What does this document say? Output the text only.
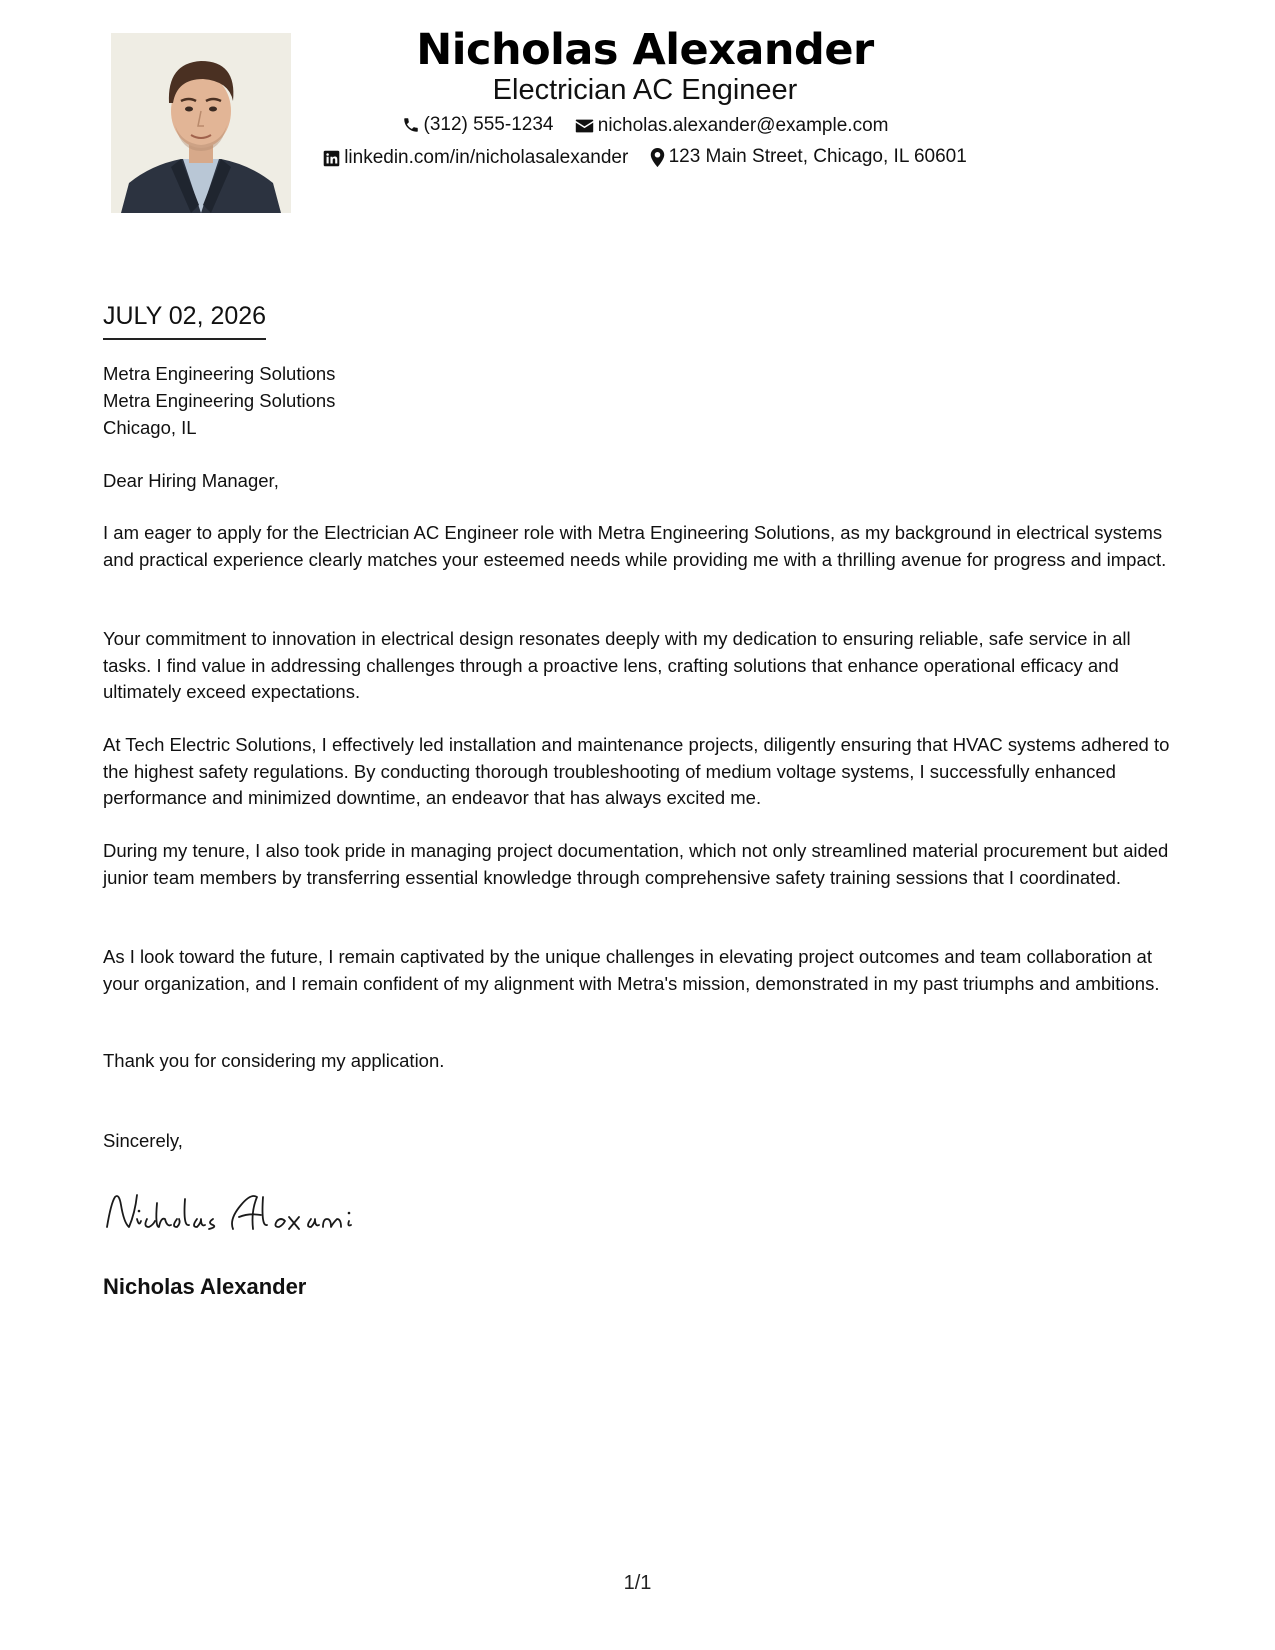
Nicholas Alexander
Electrician AC Engineer
(312) 555-1234
nicholas.alexander@example.com
linkedin.com/in/nicholasalexander
123 Main Street, Chicago, IL 60601
JULY 02, 2026
Metra Engineering Solutions
Metra Engineering Solutions
Chicago, IL
Dear Hiring Manager,
I am eager to apply for the Electrician AC Engineer role with Metra Engineering Solutions, as my background in electrical systems and practical experience clearly matches your esteemed needs while providing me with a thrilling avenue for progress and impact.
Your commitment to innovation in electrical design resonates deeply with my dedication to ensuring reliable, safe service in all tasks. I find value in addressing challenges through a proactive lens, crafting solutions that enhance operational efficacy and ultimately exceed expectations.
At Tech Electric Solutions, I effectively led installation and maintenance projects, diligently ensuring that HVAC systems adhered to the highest safety regulations. By conducting thorough troubleshooting of medium voltage systems, I successfully enhanced performance and minimized downtime, an endeavor that has always excited me.
During my tenure, I also took pride in managing project documentation, which not only streamlined material procurement but aided junior team members by transferring essential knowledge through comprehensive safety training sessions that I coordinated.
As I look toward the future, I remain captivated by the unique challenges in elevating project outcomes and team collaboration at your organization, and I remain confident of my alignment with Metra's mission, demonstrated in my past triumphs and ambitions.
Thank you for considering my application.
Sincerely,
Nicholas Alexander
1/1
